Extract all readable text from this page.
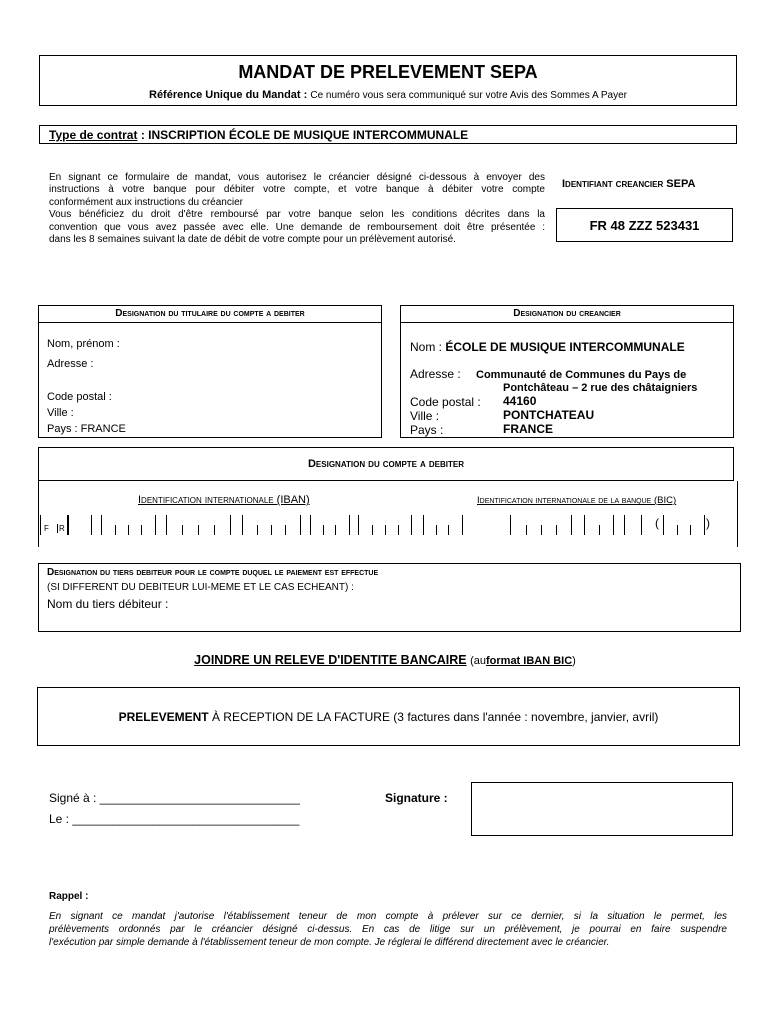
MANDAT DE PRELEVEMENT SEPA
Référence Unique du Mandat : Ce numéro vous sera communiqué sur votre Avis des Sommes A Payer
Type de contrat : INSCRIPTION ÉCOLE DE MUSIQUE INTERCOMMUNALE
En signant ce formulaire de mandat, vous autorisez le créancier désigné ci-dessous à envoyer des
instructions à votre banque pour débiter votre compte, et votre banque à débiter votre compte
conformément aux instructions du créancier
Vous bénéficiez du droit d'être remboursé par votre banque selon les conditions décrites dans la
convention que vous avez passée avec elle. Une demande de remboursement doit être présentée :
dans les 8 semaines suivant la date de débit de votre compte pour un prélèvement autorisé.
Identifiant creancier SEPA
FR 48 ZZZ 523431
Designation du titulaire du compte a debiter
Nom, prénom :
Adresse :
Code postal :
Ville :
Pays : FRANCE
Designation du creancier
Nom : ÉCOLE DE MUSIQUE INTERCOMMUNALE
Adresse : Communauté de Communes du Pays de
Pontchâteau – 2 rue des châtaigniers
Code postal : 44160
Ville :	PONTCHATEAU
Pays :	FRANCE
Designation du compte a debiter
Identification internationale (IBAN)	Identification internationale de la banque (BIC)
F R	(	)
Designation du tiers debiteur pour le compte duquel le paiement est effectue
(SI DIFFERENT DU DEBITEUR LUI-MEME ET LE CAS ECHEANT) :
Nom du tiers débiteur :
JOINDRE UN RELEVE D'IDENTITE BANCAIRE (auformat IBAN BIC)
PRELEVEMENT À RECEPTION DE LA FACTURE (3 factures dans l'année : novembre, janvier, avril)
Signé à : ______________________________
Le : __________________________________
Signature :
Rappel :
En signant ce mandat j'autorise l'établissement teneur de mon compte à prélever sur ce dernier, si la situation le permet, les
prélèvements ordonnés par le créancier désigné ci-dessus. En cas de litige sur un prélèvement, je pourrai en faire suspendre
l'exécution par simple demande à l'établissement teneur de mon compte. Je réglerai le différend directement avec le créancier.
